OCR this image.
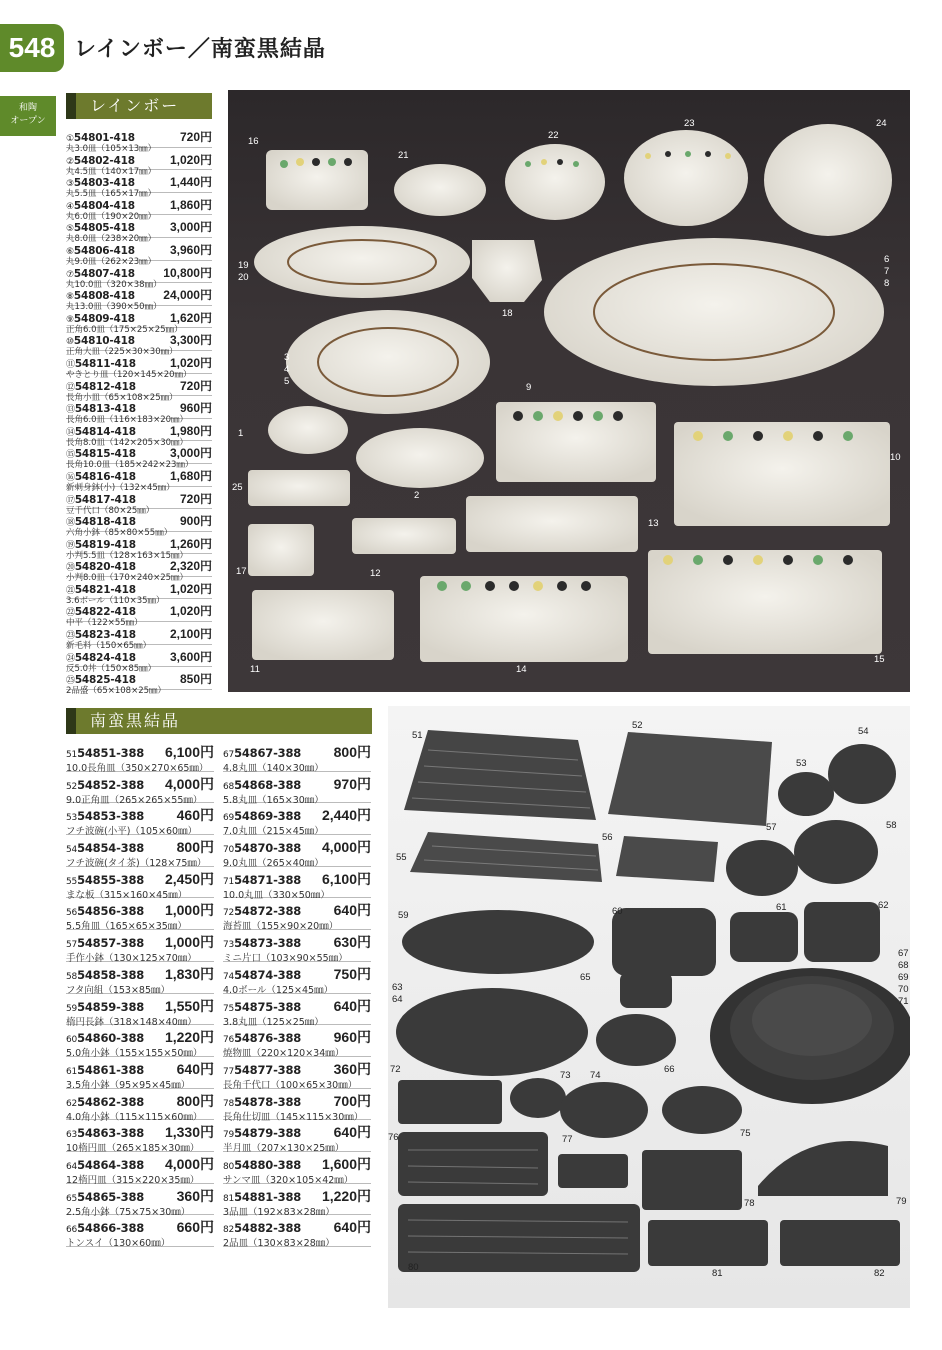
548 レインボー／南蛮黒結晶
和陶
オープン
レインボー
①54801-418	720円
丸3.0皿（105×13㎜）
②54802-418	1,020円
丸4.5皿（140×17㎜）
③54803-418	1,440円
丸5.5皿（165×17㎜）
④54804-418	1,860円
丸6.0皿（190×20㎜）
⑤54805-418	3,000円
丸8.0皿（238×20㎜）
⑥54806-418	3,960円
丸9.0皿（262×23㎜）
⑦54807-418 10,800円
丸10.0皿（320×38㎜）
⑧54808-418 24,000円
丸13.0皿（390×50㎜）
⑨54809-418	1,620円
正角6.0皿（175×25×25㎜）
⑩54810-418	3,300円
正角大皿（225×30×30㎜）
⑪54811-418	1,020円
やきとり皿（120×145×20㎜）
⑫54812-418	720円
長角小皿（65×108×25㎜）
⑬54813-418	960円
長角6.0皿（116×183×20㎜）
⑭54814-418	1,980円
長角8.0皿（142×205×30㎜）
⑮54815-418	3,000円
長角10.0皿（185×242×23㎜）
⑯54816-418	1,680円
新刺身鉢(小)（132×45㎜）
⑰54817-418	720円
豆千代口（80×25㎜）
⑱54818-418	900円
六角小鉢（85×80×55㎜）
⑲54819-418	1,260円
小判5.5皿（128×163×15㎜）
⑳54820-418	2,320円
小判8.0皿（170×240×25㎜）
㉑54821-418	1,020円
3.6ボール（110×35㎜）
㉒54822-418	1,020円
中平（122×55㎜）
㉓54823-418	2,100円
新毛料（150×65㎜）
㉔54824-418	3,600円
反5.0丼（150×85㎜）
㉕54825-418	850円
2品盛（65×108×25㎜）
16
21
22
23	24
19
20
18
6
7
8
3
4
5
9
1
2
10
25
13
17	12
11	14
15
南蛮黒結晶
5154851-388 6,100円
10.0長角皿（350×270×65㎜）
5254852-388 4,000円
9.0正角皿（265×265×55㎜）
5354853-388 460円
フチ波碗(小平)（105×60㎜）
5454854-388 800円
フチ波碗(タイ茶)（128×75㎜）
5554855-388 2,450円
まな板（315×160×45㎜）
5654856-388 1,000円
5.5角皿（165×65×35㎜）
5754857-388 1,000円
手作小鉢（130×125×70㎜）
5854858-388 1,830円
フタ向組（153×85㎜）
5954859-388 1,550円
楕円長鉢（318×148×40㎜）
6054860-388 1,220円
5.0角小鉢（155×155×50㎜）
6154861-388 640円
3.5角小鉢（95×95×45㎜）
6254862-388 800円
4.0角小鉢（115×115×60㎜）
6354863-388 1,330円
10楕円皿（265×185×30㎜）
6454864-388 4,000円
12楕円皿（315×220×35㎜）
6554865-388 360円
2.5角小鉢（75×75×30㎜）
6654866-388 660円
トンスイ（130×60㎜）
6754867-388 800円
4.8丸皿（140×30㎜）
6854868-388 970円
5.8丸皿（165×30㎜）
6954869-388 2,440円
7.0丸皿（215×45㎜）
7054870-388 4,000円
9.0丸皿（265×40㎜）
7154871-388 6,100円
10.0丸皿（330×50㎜）
7254872-388 640円
海苔皿（155×90×20㎜）
7354873-388 630円
ミニ片口（103×90×55㎜）
7454874-388 750円
4.0ボール（125×45㎜）
7554875-388 640円
3.8丸皿（125×25㎜）
7654876-388 960円
焼物皿（220×120×34㎜）
7754877-388 360円
長角千代口（100×65×30㎜）
7854878-388 700円
長角仕切皿（145×115×30㎜）
7954879-388 640円
半月皿（207×130×25㎜）
8054880-388 1,600円
サンマ皿（320×105×42㎜）
8154881-388 1,220円
3品皿（192×83×28㎜）
8254882-388 640円
2品皿（130×83×28㎜）
51
52
53
54
55
56
57	58
59	60	61	62
63
64
65
66
67
68
69
70
71
72
73 74
75
76	77
78	79
80
81	82
